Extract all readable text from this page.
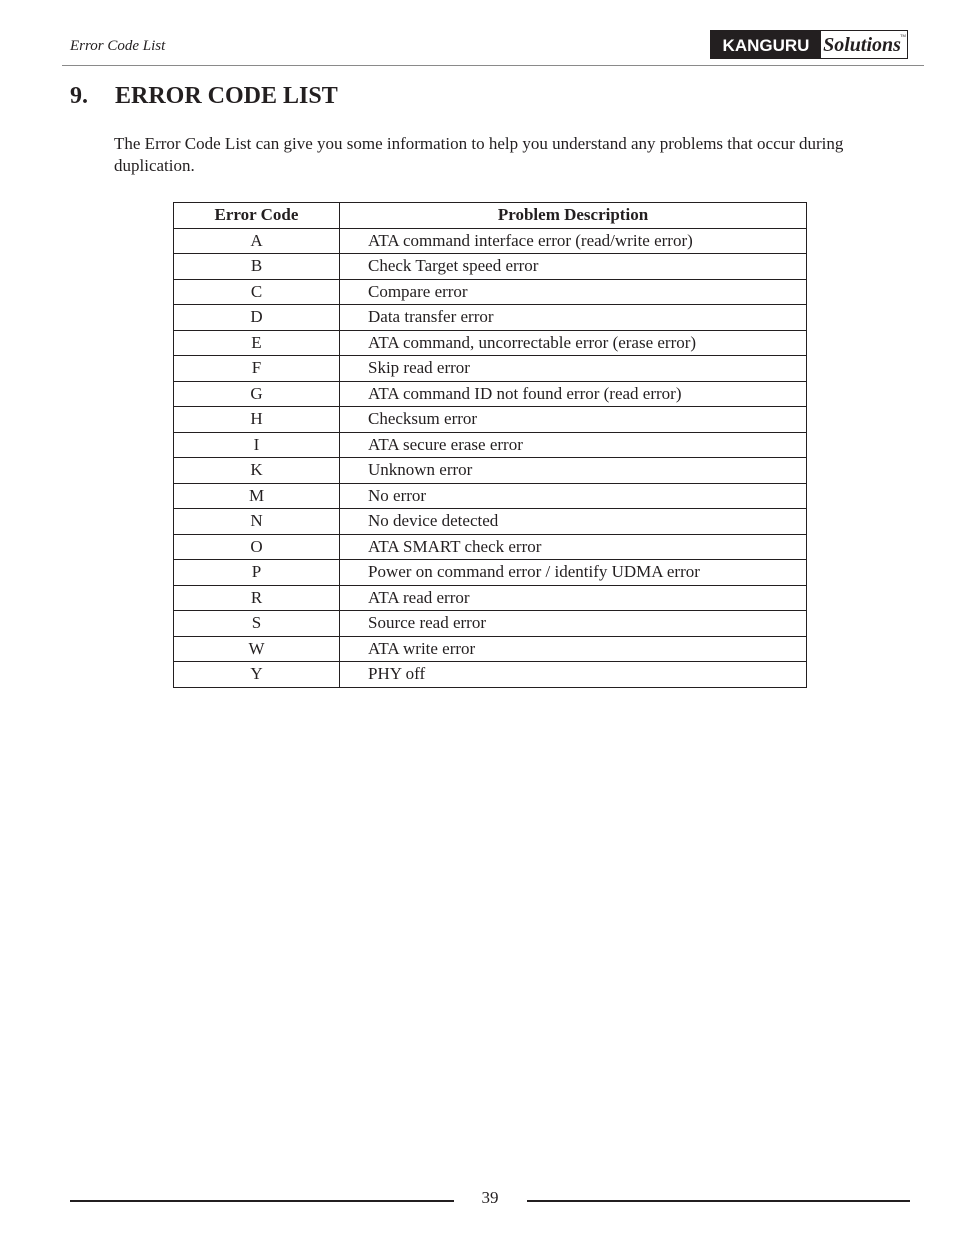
Error Code List	KANGURU Solutions TM
9. ERROR CODE LIST

The Error Code List can give you some information to help you understand any problems that occur during duplication.

Error Code	Problem Description
A	ATA command interface error (read/write error)
B	Check Target speed error
C	Compare error
D	Data transfer error
E	ATA command, uncorrectable error (erase error)
F	Skip read error
G	ATA command ID not found error (read error)
H	Checksum error
I	ATA secure erase error
K	Unknown error
M	No error
N	No device detected
O	ATA SMART check error
P	Power on command error / identify UDMA error
R	ATA read error
S	Source read error
W	ATA write error
Y	PHY off
39
